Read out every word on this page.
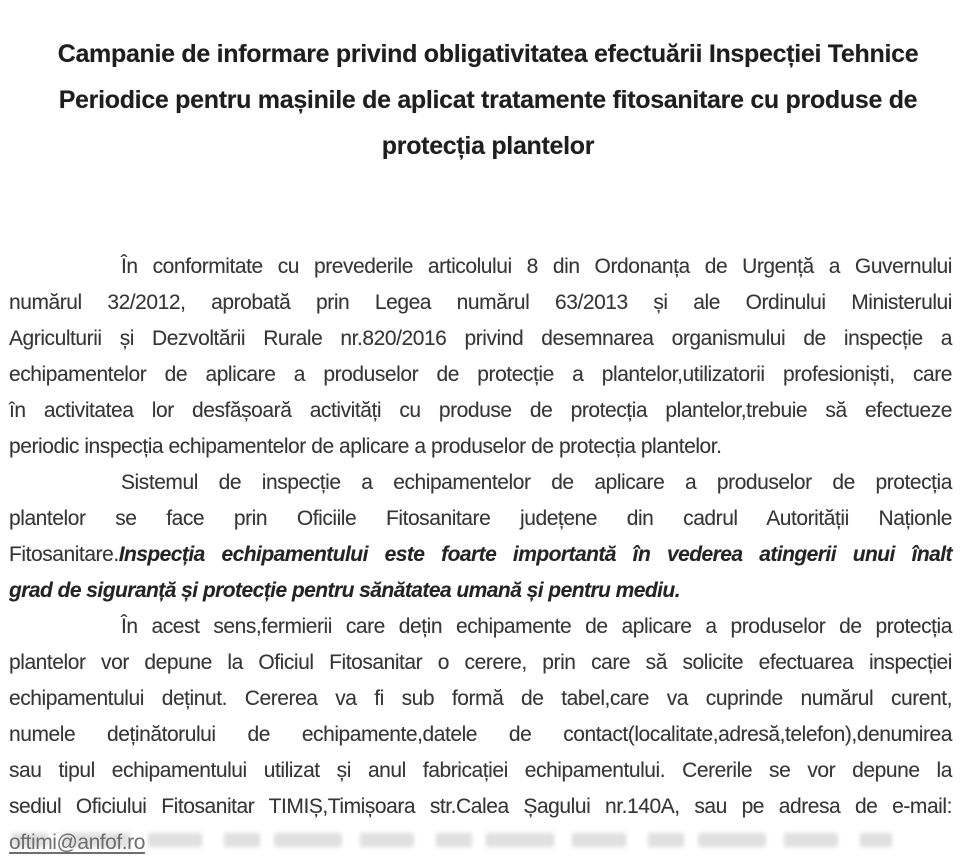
Campanie de informare privind obligativitatea efectuării Inspecției Tehnice
Periodice pentru mașinile de aplicat tratamente fitosanitare cu produse de
protecția plantelor
În conformitate cu prevederile articolului 8 din Ordonanța de Urgență a Guvernului
numărul 32/2012, aprobată prin Legea numărul 63/2013 și ale Ordinului Ministerului
Agriculturii și Dezvoltării Rurale nr.820/2016 privind desemnarea organismului de inspecție a
echipamentelor de aplicare a produselor de protecție a plantelor,utilizatorii profesioniști, care
în activitatea lor desfășoară activități cu produse de protecția plantelor,trebuie să efectueze
periodic inspecția echipamentelor de aplicare a produselor de protecția plantelor.
Sistemul de inspecție a echipamentelor de aplicare a produselor de protecția
plantelor se face prin Oficiile Fitosanitare județene din cadrul Autorității Naționle
Fitosanitare.Inspecția echipamentului este foarte importantă în vederea atingerii unui înalt
grad de siguranță și protecție pentru sănătatea umană și pentru mediu.
În acest sens,fermierii care dețin echipamente de aplicare a produselor de protecția
plantelor vor depune la Oficiul Fitosanitar o cerere, prin care să solicite efectuarea inspecției
echipamentului deținut. Cererea va fi sub formă de tabel,care va cuprinde numărul curent,
numele deținătorului de echipamente,datele de contact(localitate,adresă,telefon),denumirea
sau tipul echipamentului utilizat și anul fabricației echipamentului. Cererile se vor depune la
sediul Oficiului Fitosanitar TIMIȘ,Timișoara str.Calea Șagului nr.140A, sau pe adresa de e-mail:
oftimi@anfof.ro
